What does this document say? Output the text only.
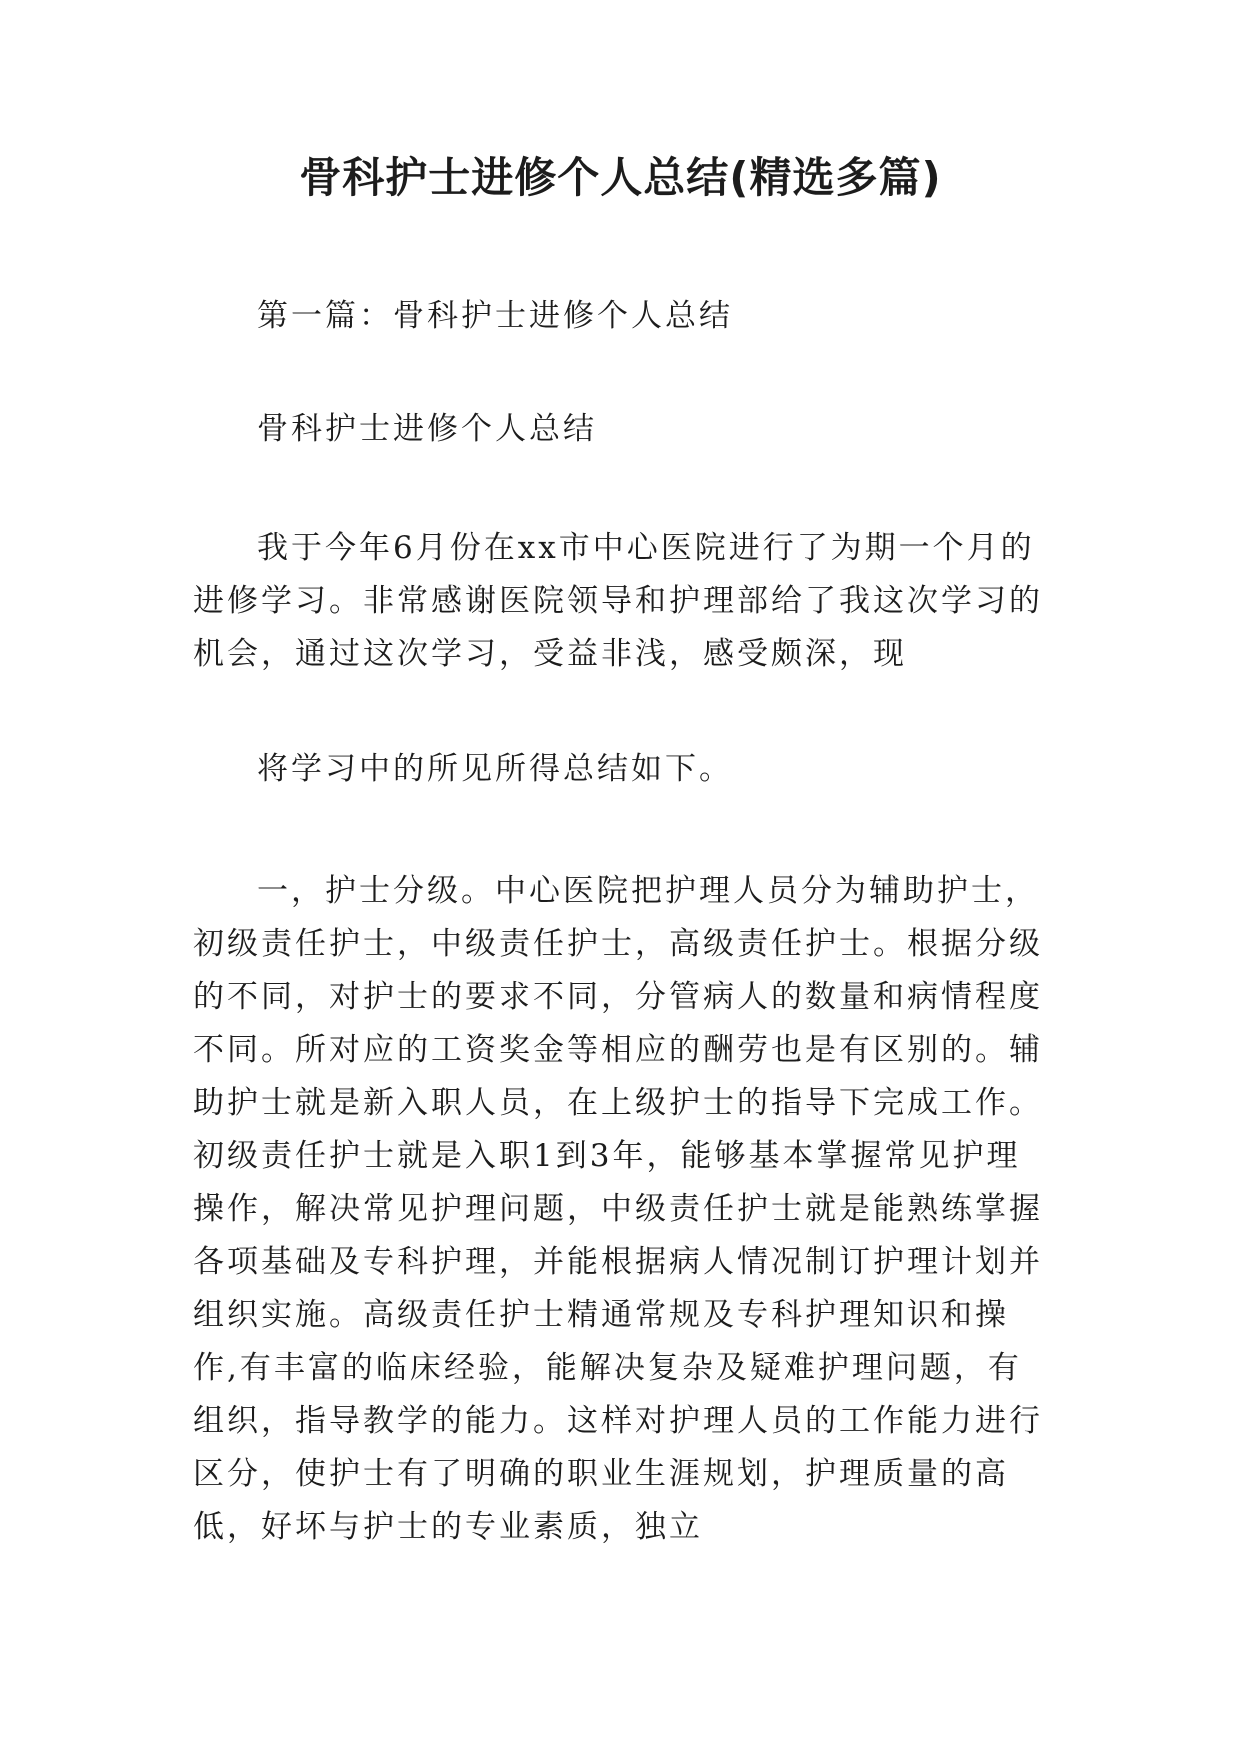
骨科护士进修个人总结(精选多篇)

第一篇：骨科护士进修个人总结

骨科护士进修个人总结

我于今年6月份在xx市中心医院进行了为期一个月的进修学习。非常感谢医院领导和护理部给了我这次学习的机会，通过这次学习，受益非浅，感受颇深，现

将学习中的所见所得总结如下。

一，护士分级。中心医院把护理人员分为辅助护士，初级责任护士，中级责任护士，高级责任护士。根据分级的不同，对护士的要求不同，分管病人的数量和病情程度不同。所对应的工资奖金等相应的酬劳也是有区别的。辅助护士就是新入职人员，在上级护士的指导下完成工作。初级责任护士就是入职1到3年，能够基本掌握常见护理操作，解决常见护理问题，中级责任护士就是能熟练掌握各项基础及专科护理，并能根据病人情况制订护理计划并组织实施。高级责任护士精通常规及专科护理知识和操作,有丰富的临床经验，能解决复杂及疑难护理问题，有组织，指导教学的能力。这样对护理人员的工作能力进行区分，使护士有了明确的职业生涯规划，护理质量的高低，好坏与护士的专业素质，独立
